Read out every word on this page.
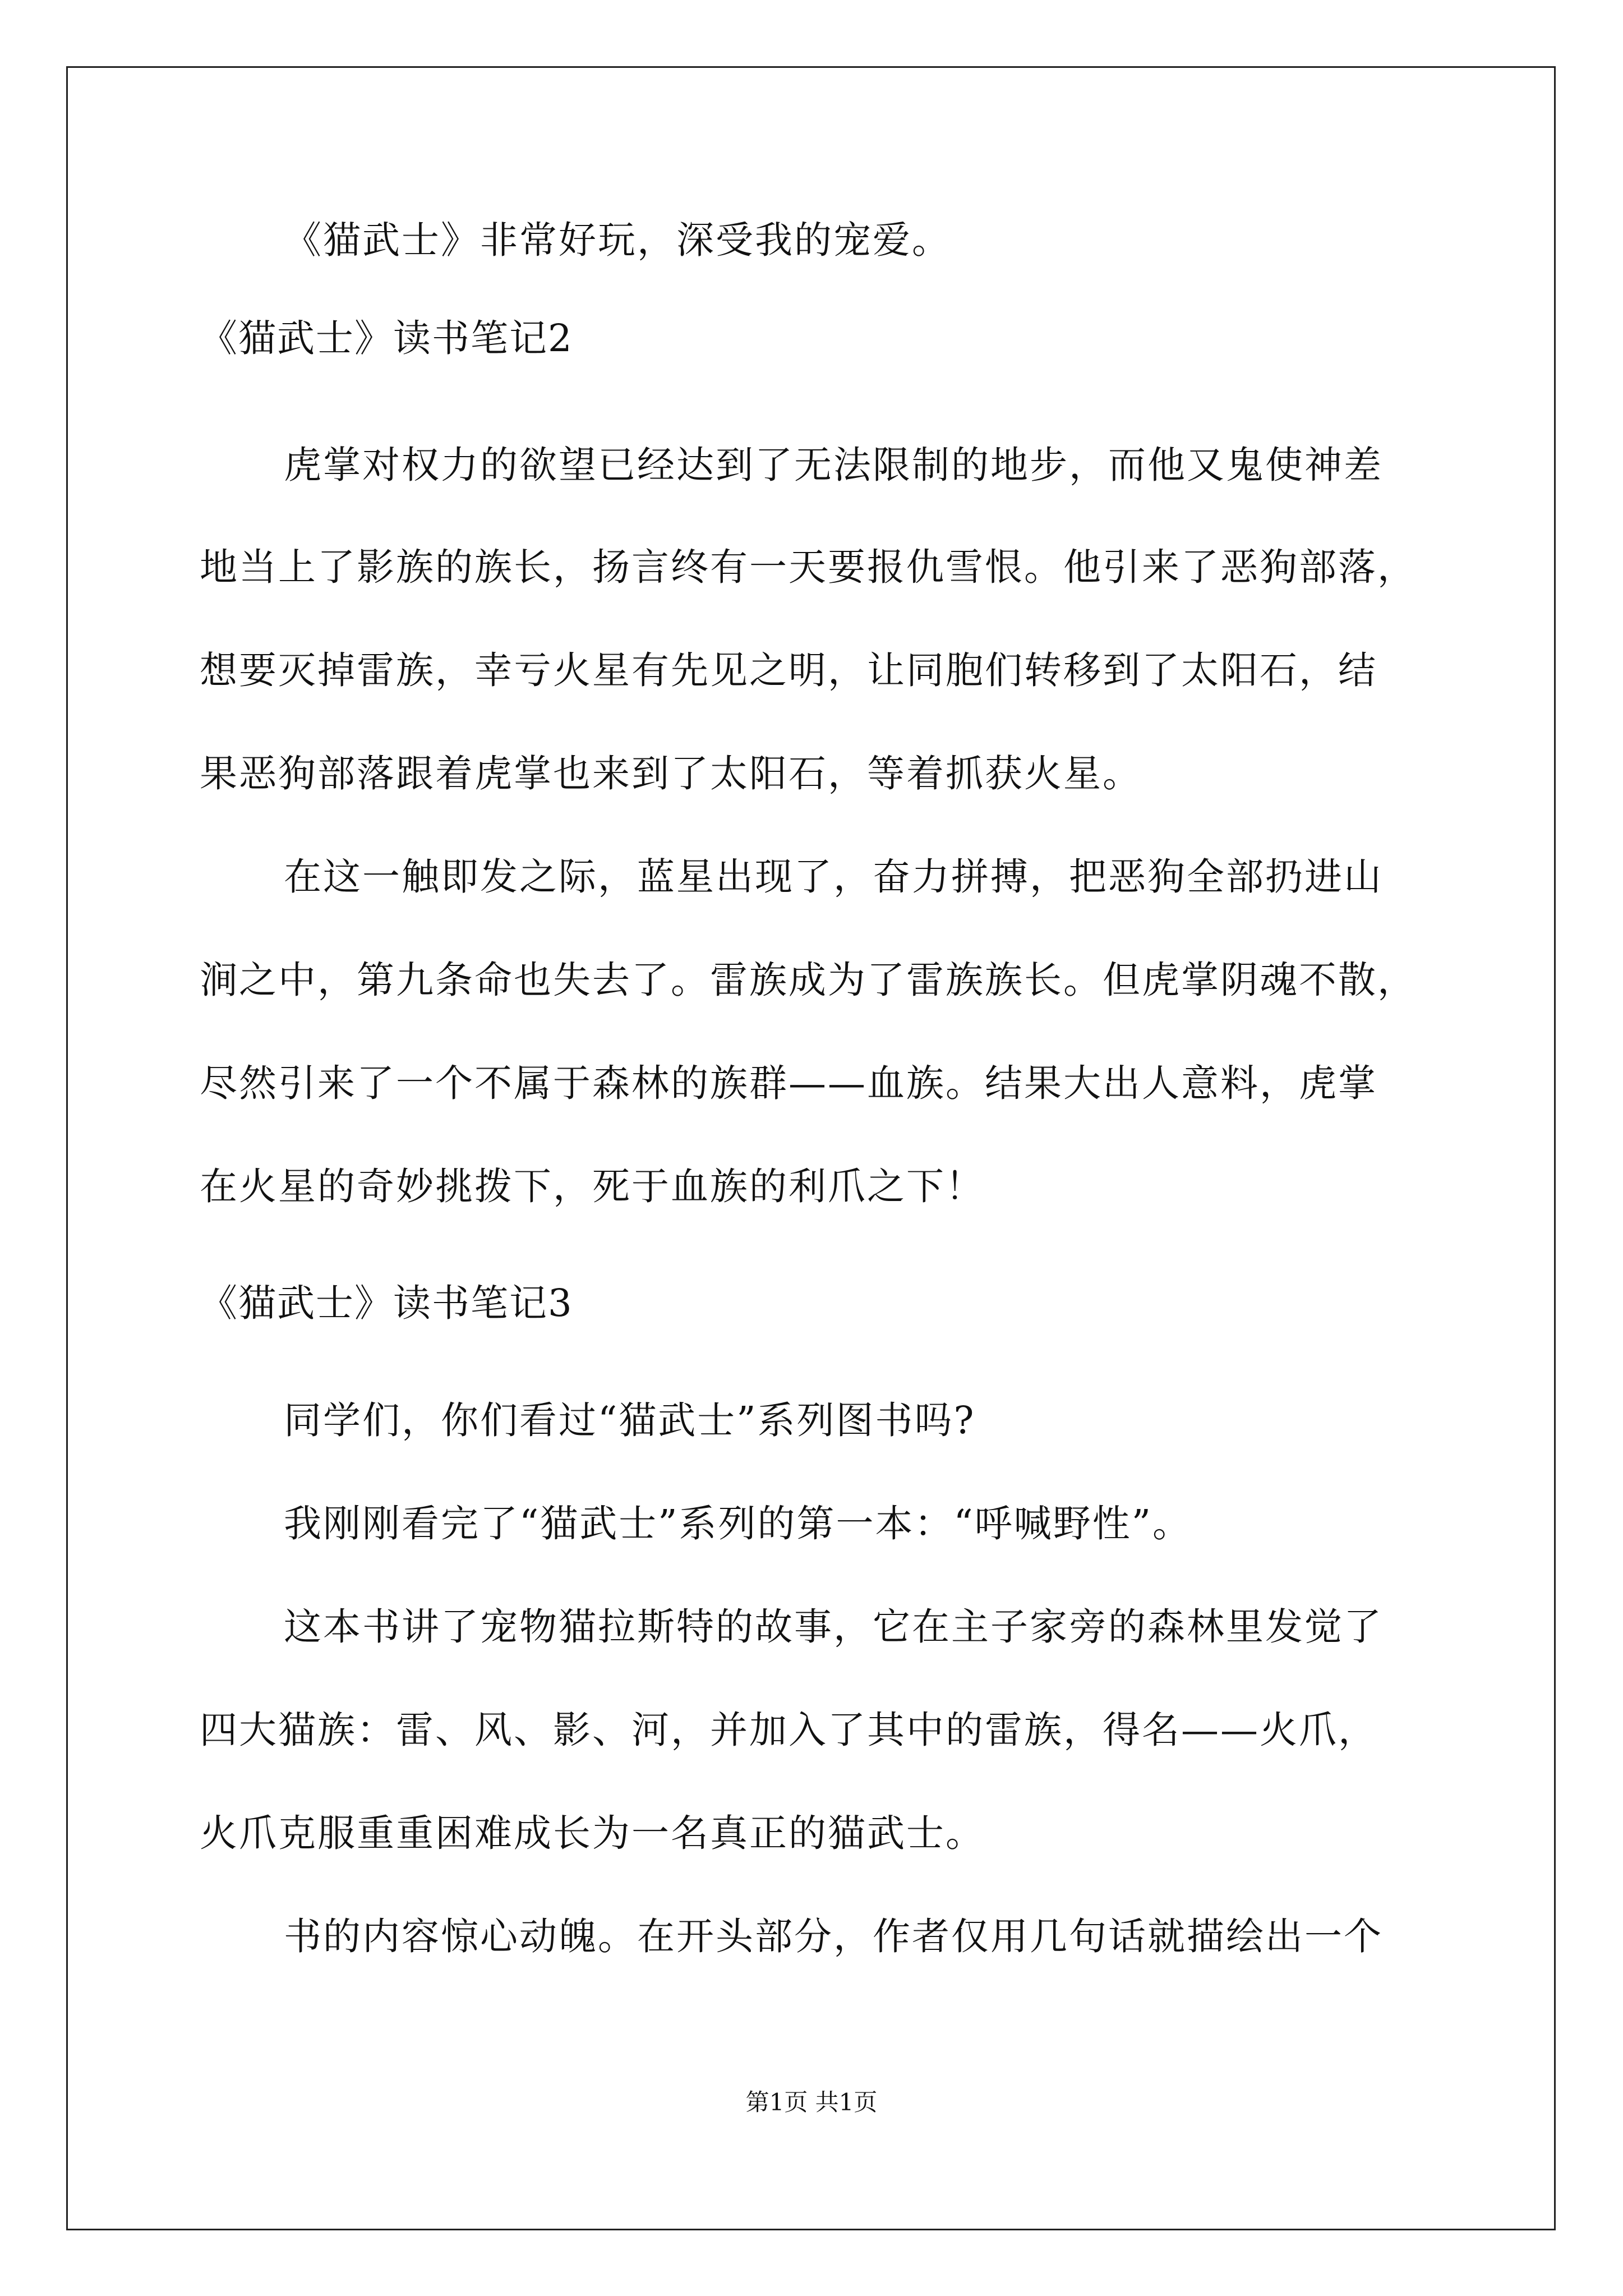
《猫武士》非常好玩，深受我的宠爱。
《猫武士》读书笔记2
虎掌对权力的欲望已经达到了无法限制的地步，而他又鬼使神差
地当上了影族的族长，扬言终有一天要报仇雪恨。他引来了恶狗部落，
想要灭掉雷族，幸亏火星有先见之明，让同胞们转移到了太阳石，结
果恶狗部落跟着虎掌也来到了太阳石，等着抓获火星。
在这一触即发之际，蓝星出现了，奋力拼搏，把恶狗全部扔进山
涧之中，第九条命也失去了。雷族成为了雷族族长。但虎掌阴魂不散，
尽然引来了一个不属于森林的族群——血族。结果大出人意料，虎掌
在火星的奇妙挑拨下，死于血族的利爪之下！
《猫武士》读书笔记3
同学们，你们看过“猫武士”系列图书吗?
我刚刚看完了“猫武士”系列的第一本：“呼喊野性”。
这本书讲了宠物猫拉斯特的故事，它在主子家旁的森林里发觉了
四大猫族：雷、风、影、河，并加入了其中的雷族，得名——火爪，
火爪克服重重困难成长为一名真正的猫武士。
书的内容惊心动魄。在开头部分，作者仅用几句话就描绘出一个
第1页 共1页
